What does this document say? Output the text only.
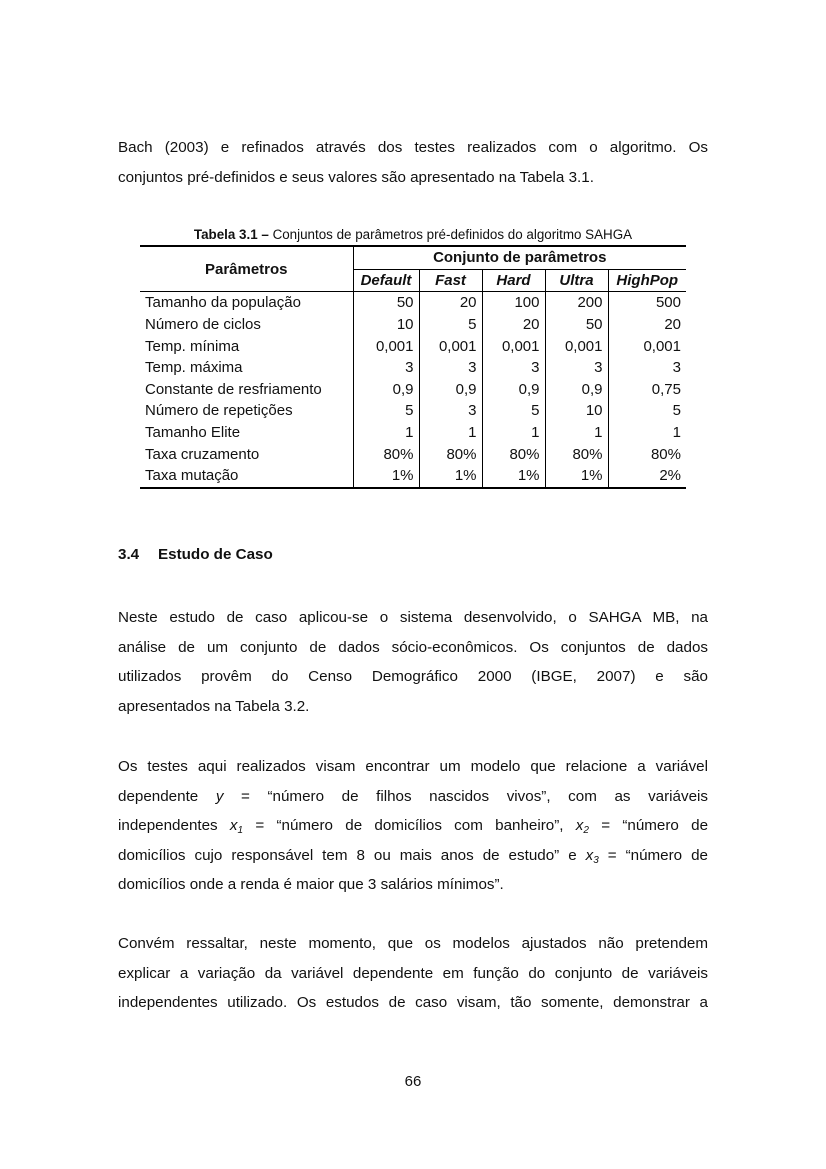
Bach (2003) e refinados através dos testes realizados com o algoritmo. Os
conjuntos pré-definidos e seus valores são apresentado na Tabela 3.1.
Tabela 3.1 – Conjuntos de parâmetros pré-definidos do algoritmo SAHGA
Parâmetros	Conjunto de parâmetros				
	Default	Fast	Hard	Ultra	HighPop
Tamanho da população	50	20	100	200	500
Número de ciclos	10	5	20	50	20
Temp. mínima	0,001	0,001	0,001	0,001	0,001
Temp. máxima	3	3	3	3	3
Constante de resfriamento	0,9	0,9	0,9	0,9	0,75
Número de repetições	5	3	5	10	5
Tamanho Elite	1	1	1	1	1
Taxa cruzamento	80%	80%	80%	80%	80%
Taxa mutação	1%	1%	1%	1%	2%
3.4 Estudo de Caso
Neste estudo de caso aplicou-se o sistema desenvolvido, o SAHGA MB, na
análise de um conjunto de dados sócio-econômicos. Os conjuntos de dados
utilizados provêm do Censo Demográfico 2000 (IBGE, 2007) e são
apresentados na Tabela 3.2.
Os testes aqui realizados visam encontrar um modelo que relacione a variável
dependente y = “número de filhos nascidos vivos”, com as variáveis
independentes $x_1$ = “número de domicílios com banheiro”, $x_2$ = “número de
domicílios cujo responsável tem 8 ou mais anos de estudo” e $x_3$ = “número de
domicílios onde a renda é maior que 3 salários mínimos”.
Convém ressaltar, neste momento, que os modelos ajustados não pretendem
explicar a variação da variável dependente em função do conjunto de variáveis
independentes utilizado. Os estudos de caso visam, tão somente, demonstrar a
66
